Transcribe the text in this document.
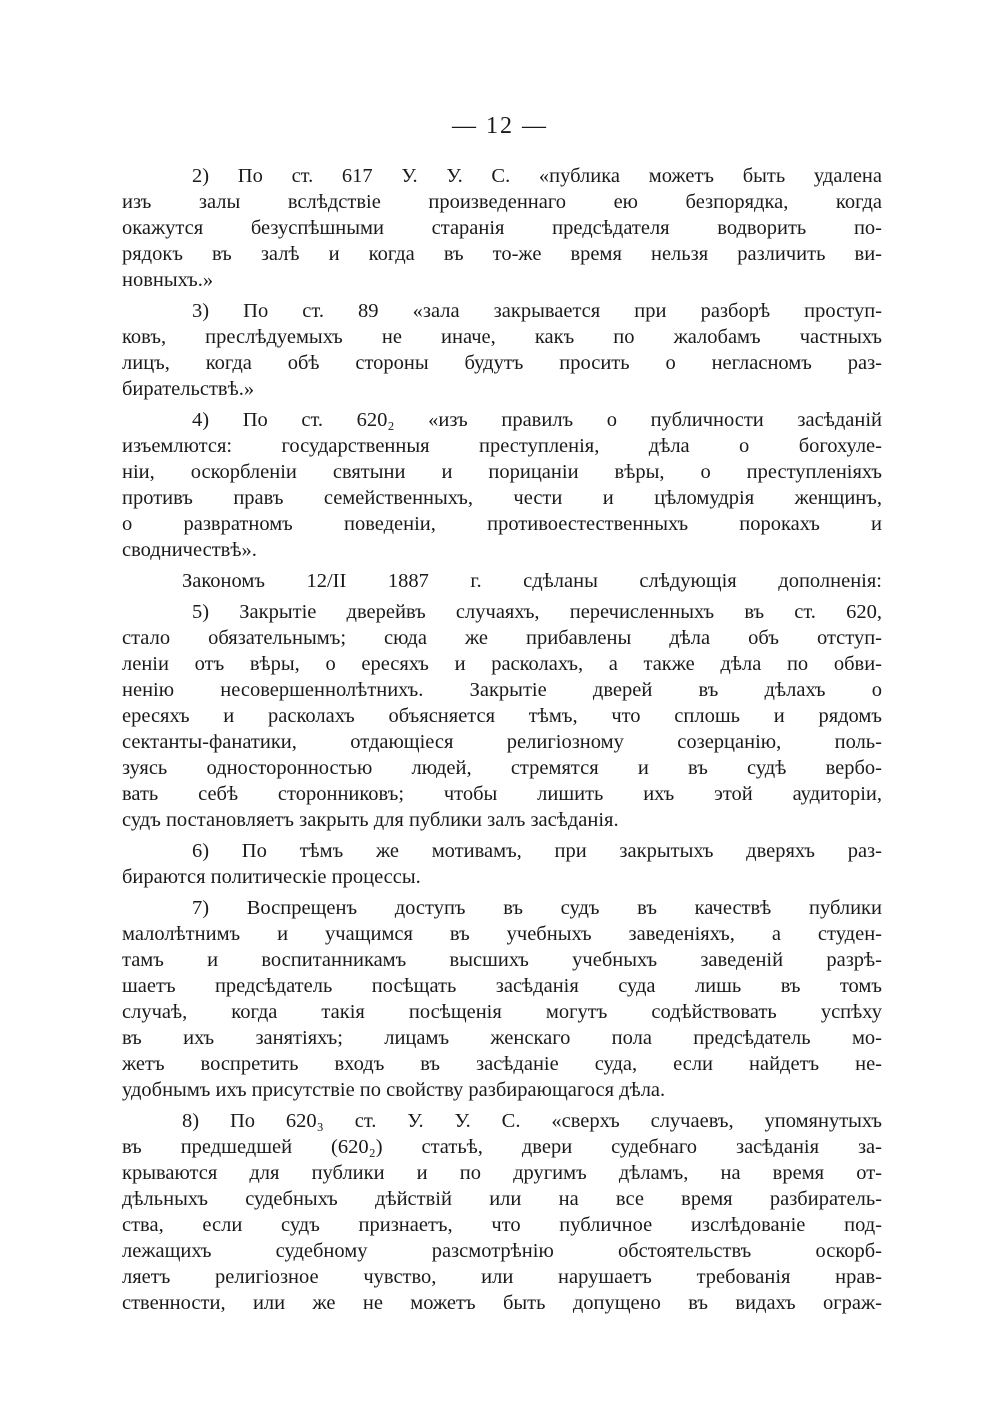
— 12 —
2) По ст. 617 У. У. С. «публика можетъ быть удалена
изъ залы вслѣдствіе произведеннаго ею безпорядка, когда
окажутся безуспѣшными старанія предсѣдателя водворить по-
рядокъ въ залѣ и когда въ то-же время нельзя различить ви-
новныхъ.»
3) По ст. 89 «зала закрывается при разборѣ проступ-
ковъ, преслѣдуемыхъ не иначе, какъ по жалобамъ частныхъ
лицъ, когда обѣ стороны будутъ просить о негласномъ раз-
бирательствѣ.»
4) По ст. 620₂ «изъ правилъ о публичности засѣданій
изъемлются: государственныя преступленія, дѣла о богохуле-
ніи, оскорбленіи святыни и порицаніи вѣры, о преступленіяхъ
противъ правъ семейственныхъ, чести и цѣломудрія женщинъ,
о развратномъ поведеніи, противоестественныхъ порокахъ и
сводничествѣ».
Закономъ 12/II 1887 г. сдѣланы слѣдующія дополненія:
5) Закрытіе дверейвъ случаяхъ, перечисленныхъ въ ст. 620,
стало обязательнымъ; сюда же прибавлены дѣла объ отступ-
леніи отъ вѣры, о ересяхъ и расколахъ, а также дѣла по обви-
ненію несовершеннолѣтнихъ. Закрытіе дверей въ дѣлахъ о
ересяхъ и расколахъ объясняется тѣмъ, что сплошь и рядомъ
сектанты-фанатики, отдающіеся религіозному созерцанію, поль-
зуясь односторонностью людей, стремятся и въ судѣ вербо-
вать себѣ сторонниковъ; чтобы лишить ихъ этой аудиторіи,
судъ постановляетъ закрыть для публики залъ засѣданія.
6) По тѣмъ же мотивамъ, при закрытыхъ дверяхъ раз-
бираются политическіе процессы.
7) Воспрещенъ доступъ въ судъ въ качествѣ публики
малолѣтнимъ и учащимся въ учебныхъ заведеніяхъ, а студен-
тамъ и воспитанникамъ высшихъ учебныхъ заведеній разрѣ-
шаетъ предсѣдатель посѣщать засѣданія суда лишь въ томъ
случаѣ, когда такія посѣщенія могутъ содѣйствовать успѣху
въ ихъ занятіяхъ; лицамъ женскаго пола предсѣдатель мо-
жетъ воспретить входъ въ засѣданіе суда, если найдетъ не-
удобнымъ ихъ присутствіе по свойству разбирающагося дѣла.
8) По 620₃ ст. У. У. С. «сверхъ случаевъ, упомянутыхъ
въ предшедшей (620₂) статьѣ, двери судебнаго засѣданія за-
крываются для публики и по другимъ дѣламъ, на время от-
дѣльныхъ судебныхъ дѣйствій или на все время разбиратель-
ства, если судъ признаетъ, что публичное изслѣдованіе под-
лежащихъ судебному разсмотрѣнію обстоятельствъ оскорб-
ляетъ религіозное чувство, или нарушаетъ требованія нрав-
ственности, или же не можетъ быть допущено въ видахъ ограж-
